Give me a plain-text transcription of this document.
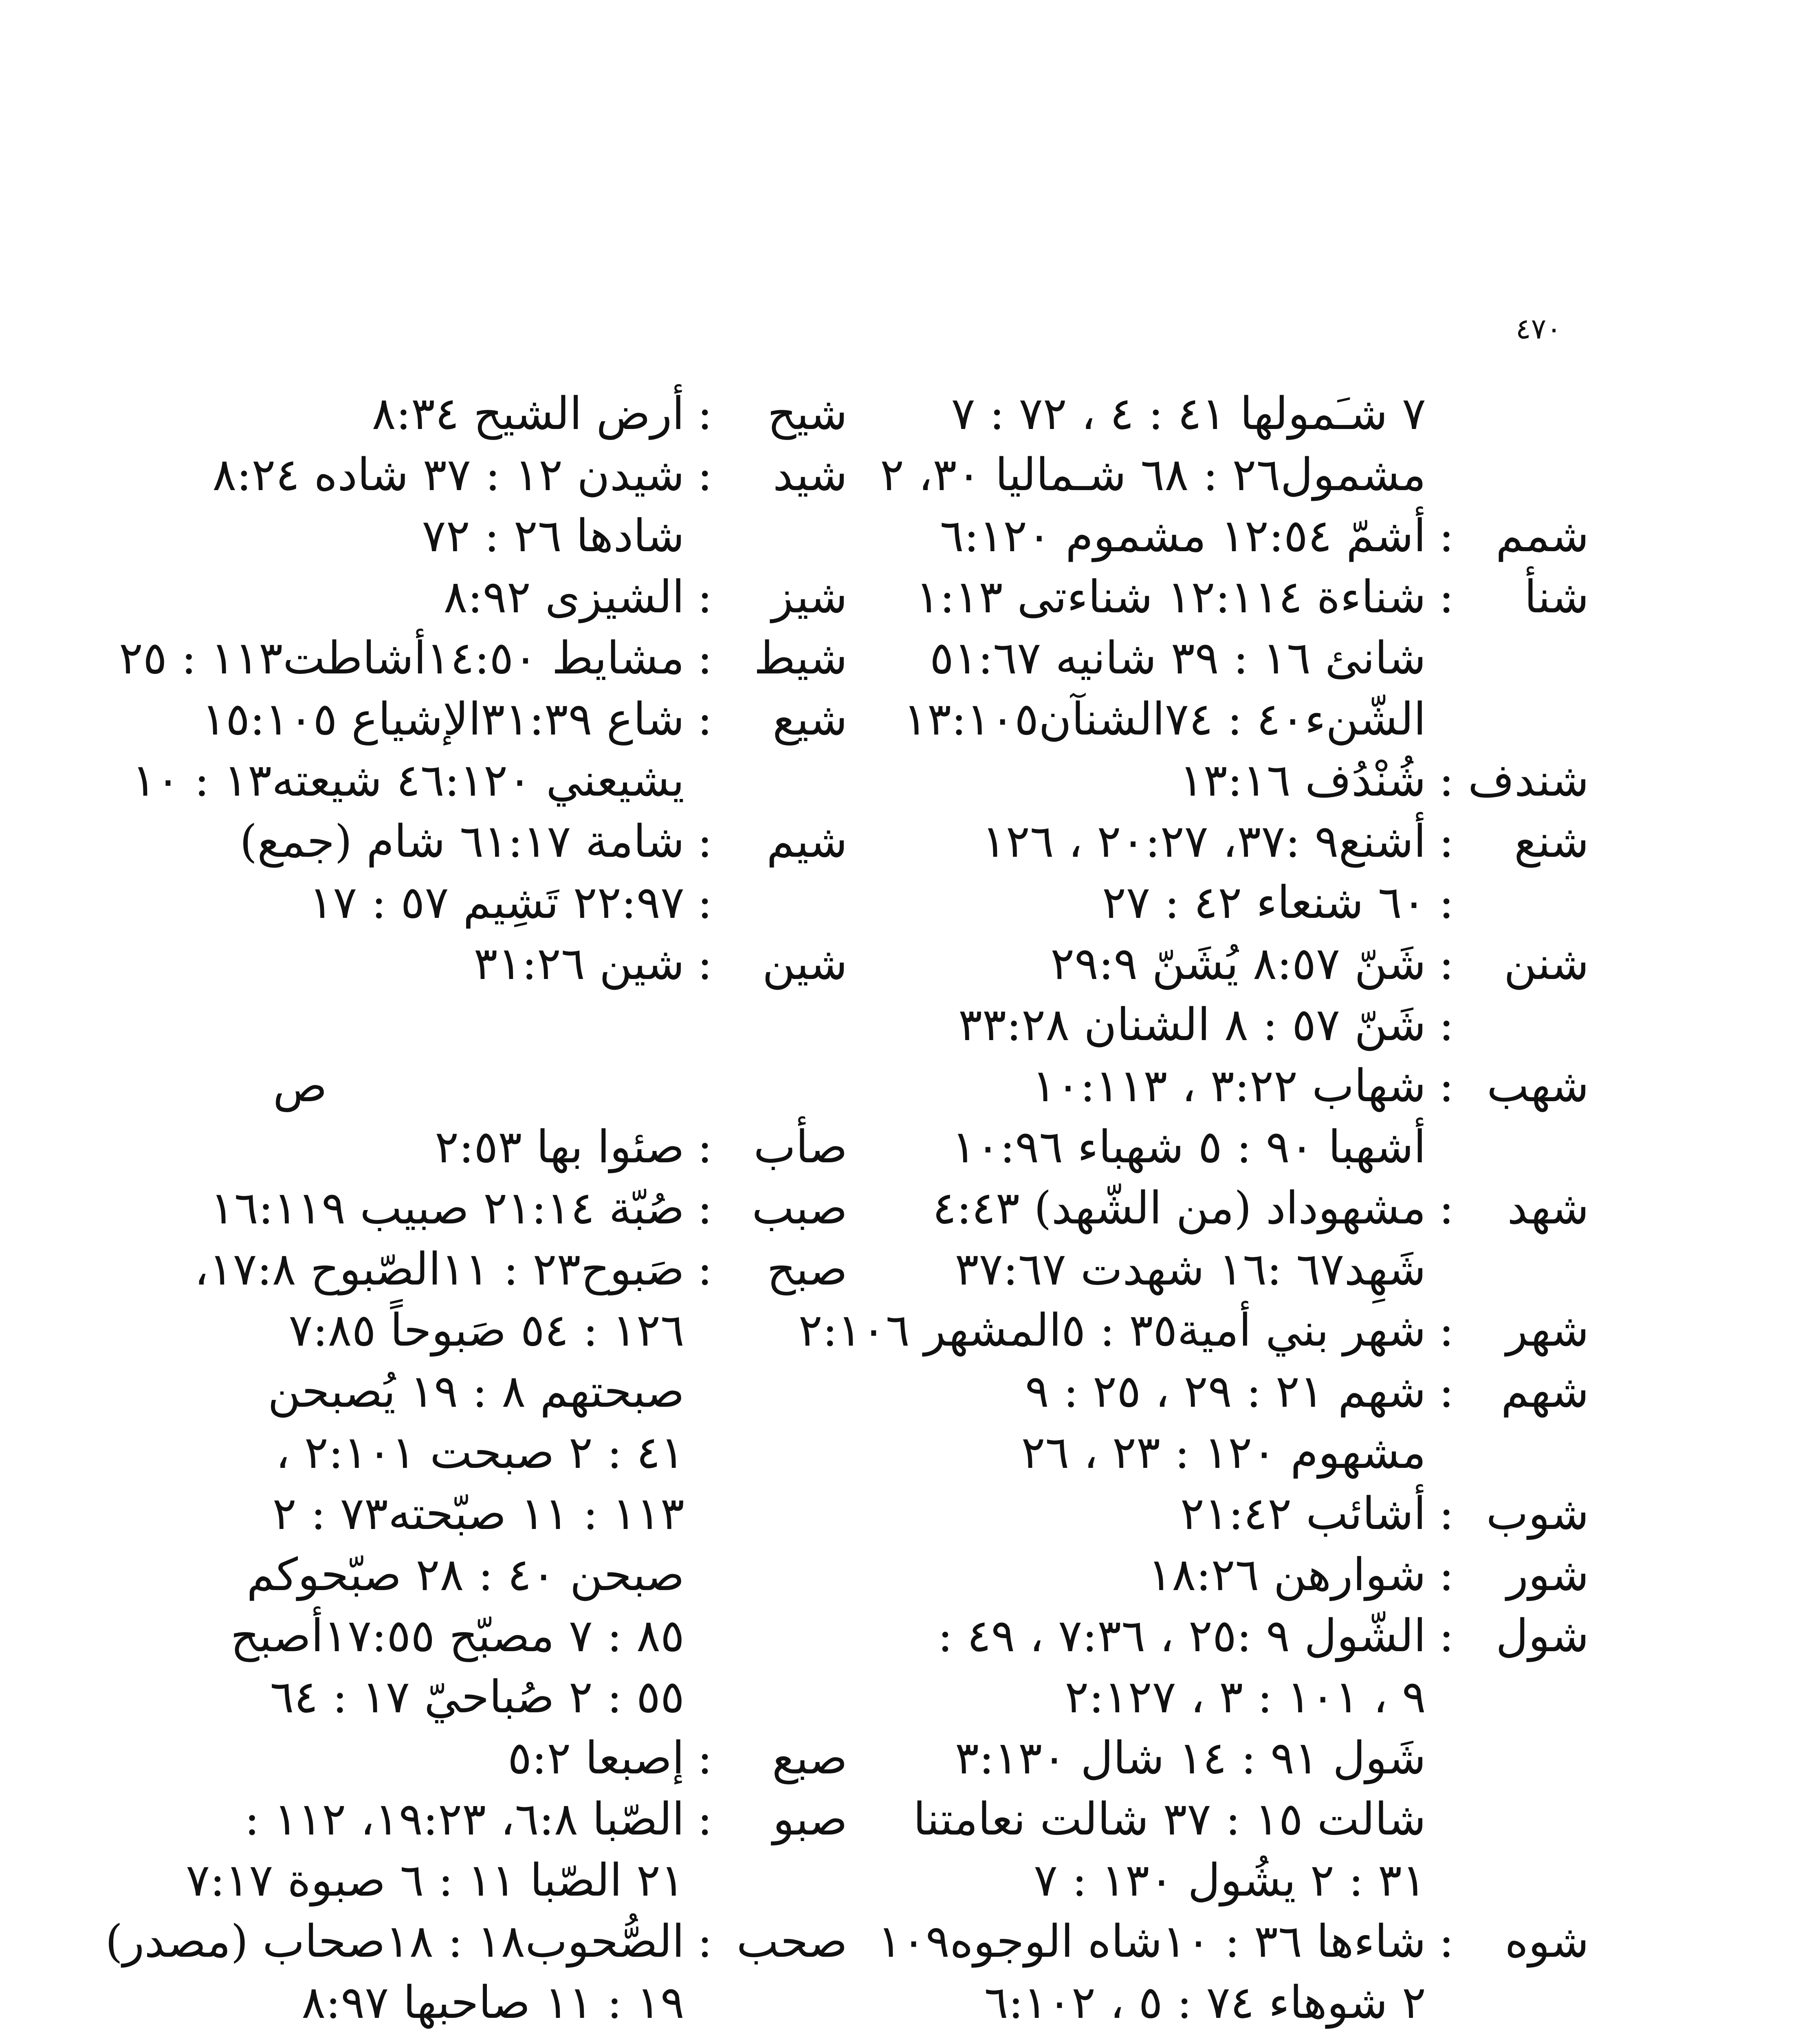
٤٧٠
٧ شـَمولها ٤١ : ٤ ، ٧٢ : ٧
مشمول٢٦ : ٦٨ شـماليا ٣٠، ٢
شمم
:
أشمّ ١٢:٥٤ مشموم ٦:١٢٠
شنأ
:
شناءة ١٢:١١٤ شناءتى ١:١٣
شانئ ١٦ : ٣٩ شانيه ٥١:٦٧
الشّنء٤٠ : ٧٤الشنآن١٣:١٠٥
شندف
:
شُنْدُف ١٣:١٦
شنع
:
أشنع٩ :٣٧، ٢٠:٢٧ ، ١٢٦
:
٦٠ شنعاء ٤٢ : ٢٧
شنن
:
شَنّ ٨:٥٧ يُشَنّ ٢٩:٩
:
شَنّ ٥٧ : ٨ الشنان ٣٣:٢٨
شهب
:
شهاب ٣:٢٢ ، ١٠:١١٣
أشهبا ٩٠ : ٥ شهباء ١٠:٩٦
شهد
:
مشهوداد (من الشّهد) ٤:٤٣
شَهِد٦٧ :١٦ شهدت ٣٧:٦٧
شهر
:
شهر بني أمية٣٥ : ٥المشهر ٢:١٠٦
شهم
:
شهم ٢١ : ٢٩ ، ٢٥ : ٩
مشهوم ١٢٠ : ٢٣ ، ٢٦
شوب
:
أشائب ٢١:٤٢
شور
:
شوارهن ١٨:٢٦
شول
:
الشّول ٩ :٢٥ ، ٧:٣٦ ، ٤٩ :
٩ ، ١٠١ : ٣ ، ٢:١٢٧
شَول ٩١ : ١٤ شال ٣:١٣٠
شالت ١٥ : ٣٧ شالت نعامتنا
٣١ : ٢ يشُول ١٣٠ : ٧
شوه
:
شاءها ٣٦ : ١٠شاه الوجوه١٠٩
٢ شوهاء ٧٤ : ٥ ، ٦:١٠٢
شيح
:
أرض الشيح ٨:٣٤
شيد
:
شيدن ١٢ : ٣٧ شاده ٨:٢٤
شادها ٢٦ : ٧٢
شيز
:
الشيزى ٨:٩٢
شيط
:
مشايط ١٤:٥٠أشاطت١١٣ : ٢٥
شيع
:
شاع ٣١:٣٩الإشياع ١٥:١٠٥
يشيعني ٤٦:١٢٠ شيعته١٣ : ١٠
شيم
:
شامة ٦١:١٧ شام (جمع)
:
٢٢:٩٧ تَشِيم ٥٧ : ١٧
شين
:
شين ٣١:٢٦
ص
صأب
:
صئوا بها ٢:٥٣
صبب
:
صُبّة ٢١:١٤ صبيب ١٦:١١٩
صبح
:
صَبوح٢٣ : ١١الصّبوح ١٧:٨،
١٢٦ : ٥٤ صَبوحاً ٧:٨٥
صبحتهم ٨ : ١٩ يُصبحن
٤١ : ٢ صبحت ٢:١٠١ ،
١١٣ : ١١ صبّحته٧٣ : ٢
صبحن ٤٠ : ٢٨ صبّحوكم
٨٥ : ٧ مصبّح ١٧:٥٥أصبح
٥٥ : ٢ صُباحيّ ١٧ : ٦٤
صبع
:
إصبعا ٥:٢
صبو
:
الصّبا ٦:٨، ١٩:٢٣، ١١٢ :
٢١ الصّبا ١١ : ٦ صبوة ٧:١٧
صحب
:
الصُّحوب١٨ : ١٨صحاب (مصدر)
١٩ : ١١ صاحبها ٨:٩٧
